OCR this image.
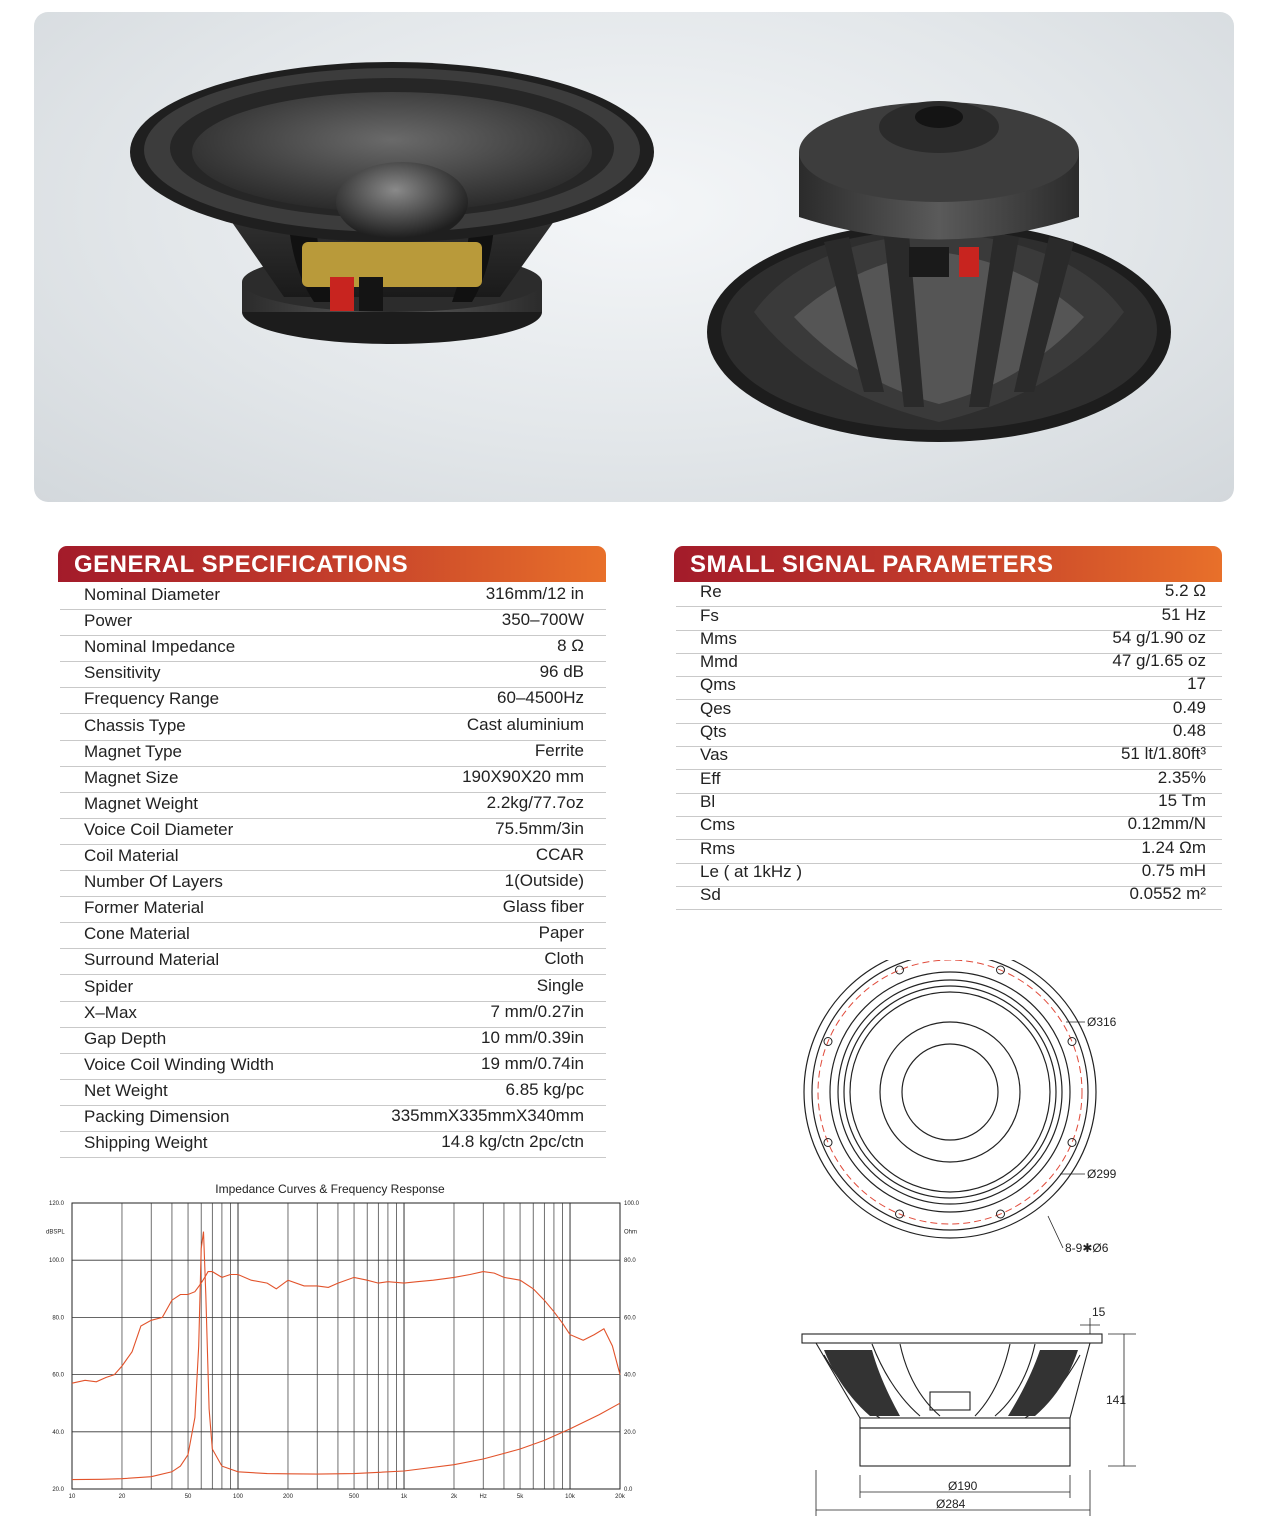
GENERAL SPECIFICATIONS
Nominal Diameter	316mm/12 in
Power	350–700W
Nominal Impedance	8 Ω
Sensitivity	96 dB
Frequency Range	60–4500Hz
Chassis Type	Cast aluminium
Magnet Type	Ferrite
Magnet Size	190X90X20 mm
Magnet Weight	2.2kg/77.7oz
Voice Coil Diameter	75.5mm/3in
Coil Material	CCAR
Number Of Layers	1(Outside)
Former Material	Glass fiber
Cone Material	Paper
Surround Material	Cloth
Spider	Single
X–Max	7 mm/0.27in
Gap Depth	10 mm/0.39in
Voice Coil Winding Width	19 mm/0.74in
Net Weight	6.85 kg/pc
Packing Dimension	335mmX335mmX340mm
Shipping Weight	14.8 kg/ctn 2pc/ctn
SMALL SIGNAL PARAMETERS
Re	5.2 Ω
Fs	51 Hz
Mms	54 g/1.90 oz
Mmd	47 g/1.65 oz
Qms	17
Qes	0.49
Qts	0.48
Vas	51 lt/1.80ft³
Eff	2.35%
Bl	15 Tm
Cms	0.12mm/N
Rms	1.24 Ωm
Le ( at 1kHz )	0.75 mH
Sd	0.0552 m²
Impedance Curves & Frequency Response
20.0
40.0
60.0
80.0
100.0
120.0
0.0
20.0
40.0
60.0
80.0
100.0
dBSPL	Ohm
10	20	50	100	200	500	1k	2k	Hz	5k	10k	20k
Ø316
Ø299
8-9✱Ø6
15
141
Ø190
Ø284
